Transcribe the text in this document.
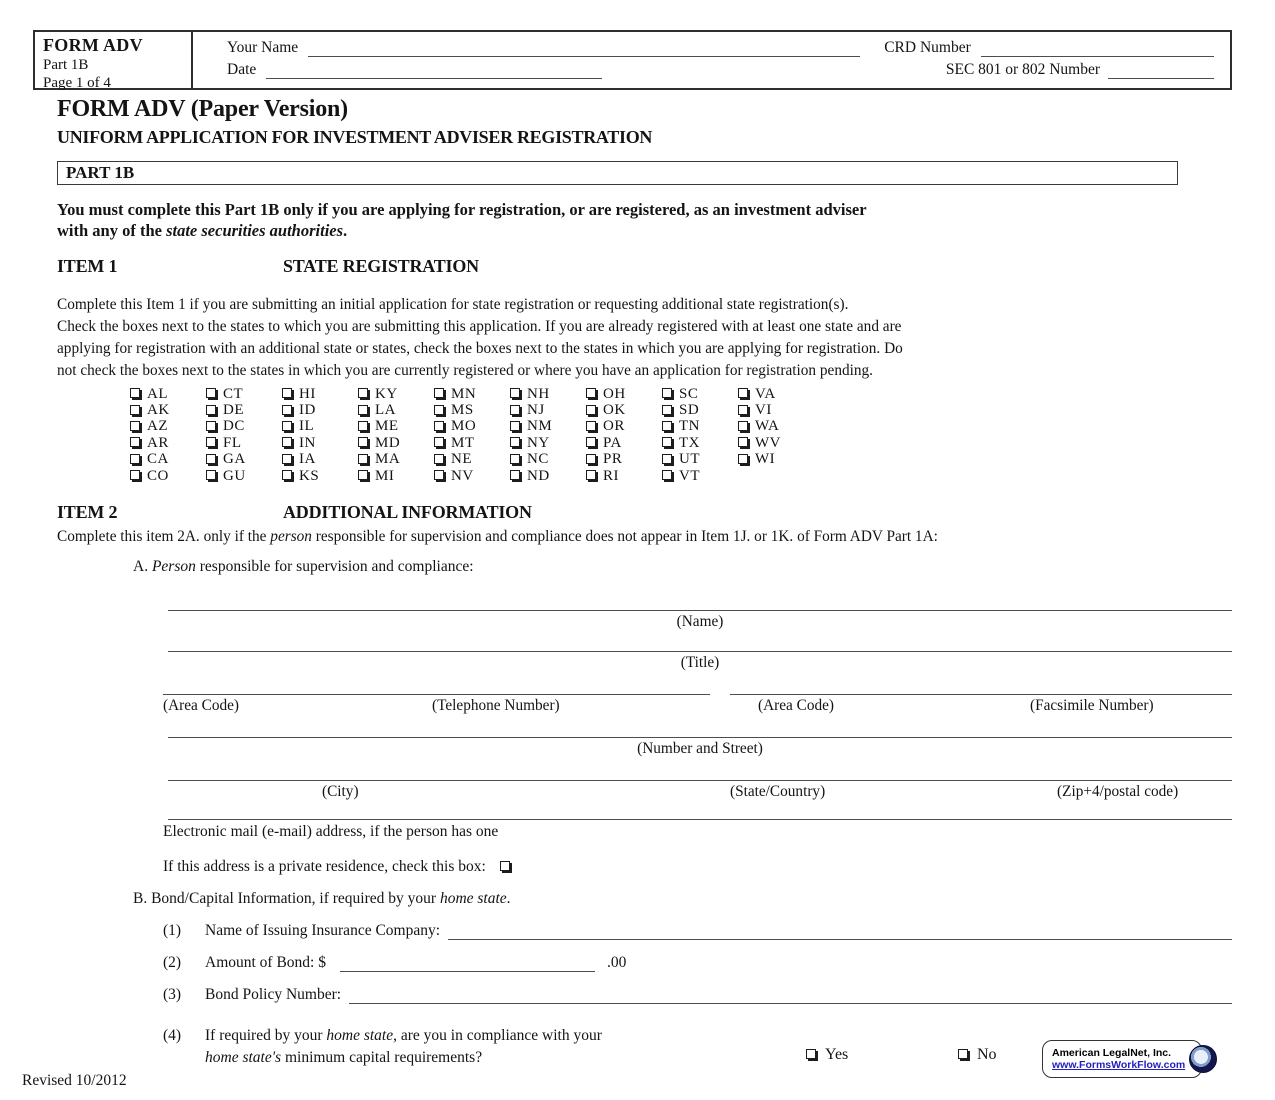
FORM ADV
Part 1B
Page 1 of 4
Your Name	CRD Number
Date	SEC 801 or 802 Number
FORM ADV (Paper Version)
UNIFORM APPLICATION FOR INVESTMENT ADVISER REGISTRATION
PART 1B
You must complete this Part 1B only if you are applying for registration, or are registered, as an investment adviser
with any of the state securities authorities.
ITEM 1	STATE REGISTRATION
Complete this Item 1 if you are submitting an initial application for state registration or requesting additional state registration(s).
Check the boxes next to the states to which you are submitting this application. If you are already registered with at least one state and are
applying for registration with an additional state or states, check the boxes next to the states in which you are applying for registration. Do
not check the boxes next to the states in which you are currently registered or where you have an application for registration pending.
AL	CT	HI	KY	MN	NH	OH	SC	VA
AK	DE	ID	LA	MS	NJ	OK	SD	VI
AZ	DC	IL	ME	MO	NM	OR	TN	WA
AR	FL	IN	MD	MT	NY	PA	TX	WV
CA	GA	IA	MA	NE	NC	PR	UT	WI
CO	GU	KS	MI	NV	ND	RI	VT
ITEM 2	ADDITIONAL INFORMATION
Complete this item 2A. only if the person responsible for supervision and compliance does not appear in Item 1J. or 1K. of Form ADV Part 1A:
A. Person responsible for supervision and compliance:
(Name)
(Title)
(Area Code)	(Telephone Number)	(Area Code)	(Facsimile Number)
(Number and Street)
(City)	(State/Country)	(Zip+4/postal code)
Electronic mail (e-mail) address, if the person has one
If this address is a private residence, check this box:
B. Bond/Capital Information, if required by your home state.
(1)	Name of Issuing Insurance Company:
(2)	Amount of Bond: $	.00
(3)	Bond Policy Number:
(4)	If required by your home state, are you in compliance with your
home state's minimum capital requirements?	Yes	No
Revised 10/2012
American LegalNet, Inc.
www.FormsWorkFlow.com
